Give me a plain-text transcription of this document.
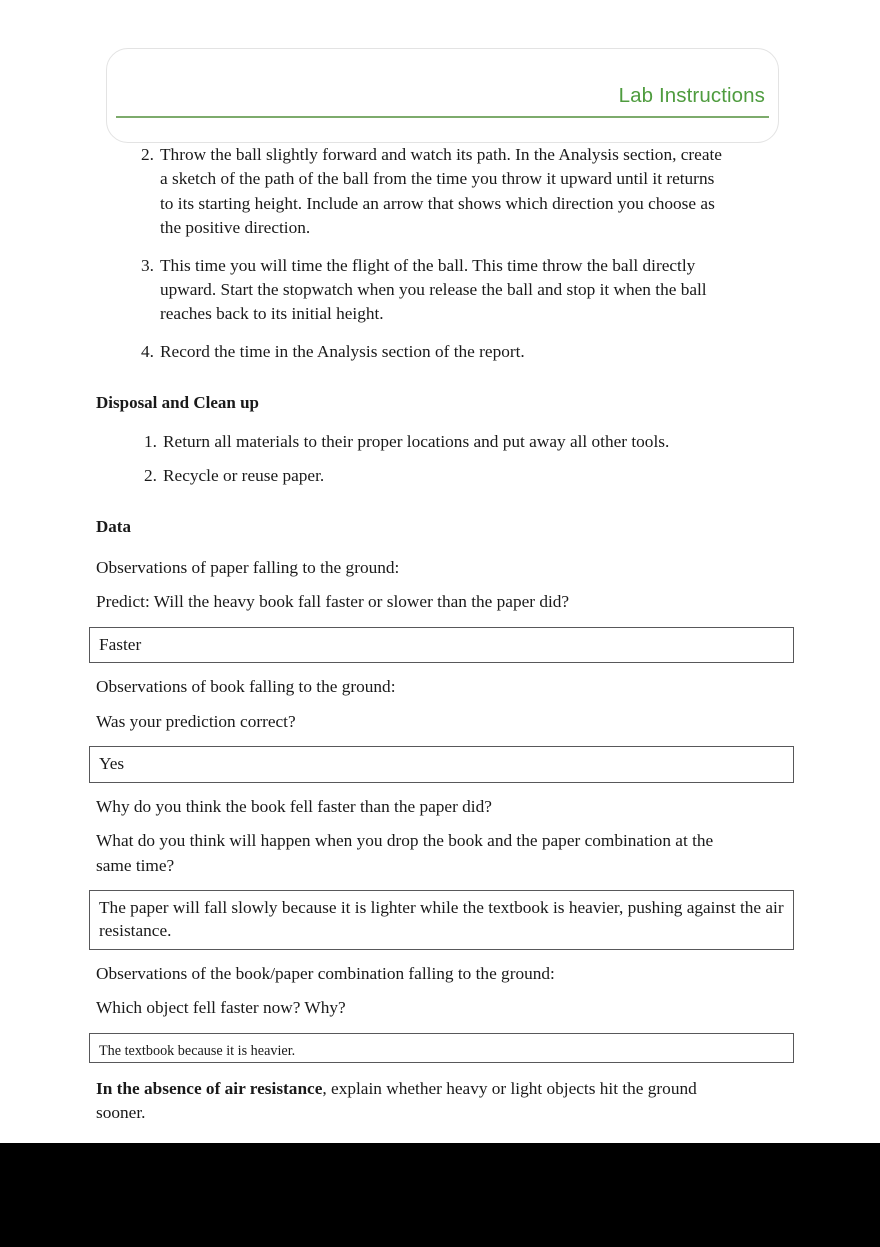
Lab Instructions
2. Throw the ball slightly forward and watch its path. In the Analysis section, create a sketch of the path of the ball from the time you throw it upward until it returns to its starting height. Include an arrow that shows which direction you choose as the positive direction.
3. This time you will time the flight of the ball. This time throw the ball directly upward. Start the stopwatch when you release the ball and stop it when the ball reaches back to its initial height.
4. Record the time in the Analysis section of the report.
Disposal and Clean up
1. Return all materials to their proper locations and put away all other tools.
2. Recycle or reuse paper.
Data
Observations of paper falling to the ground:
Predict: Will the heavy book fall faster or slower than the paper did?
Faster
Observations of book falling to the ground:
Was your prediction correct?
Yes
Why do you think the book fell faster than the paper did?
What do you think will happen when you drop the book and the paper combination at the same time?
The paper will fall slowly because it is lighter while the textbook is heavier, pushing against the air resistance.
Observations of the book/paper combination falling to the ground:
Which object fell faster now? Why?
The textbook because it is heavier.
In the absence of air resistance, explain whether heavy or light objects hit the ground sooner.
